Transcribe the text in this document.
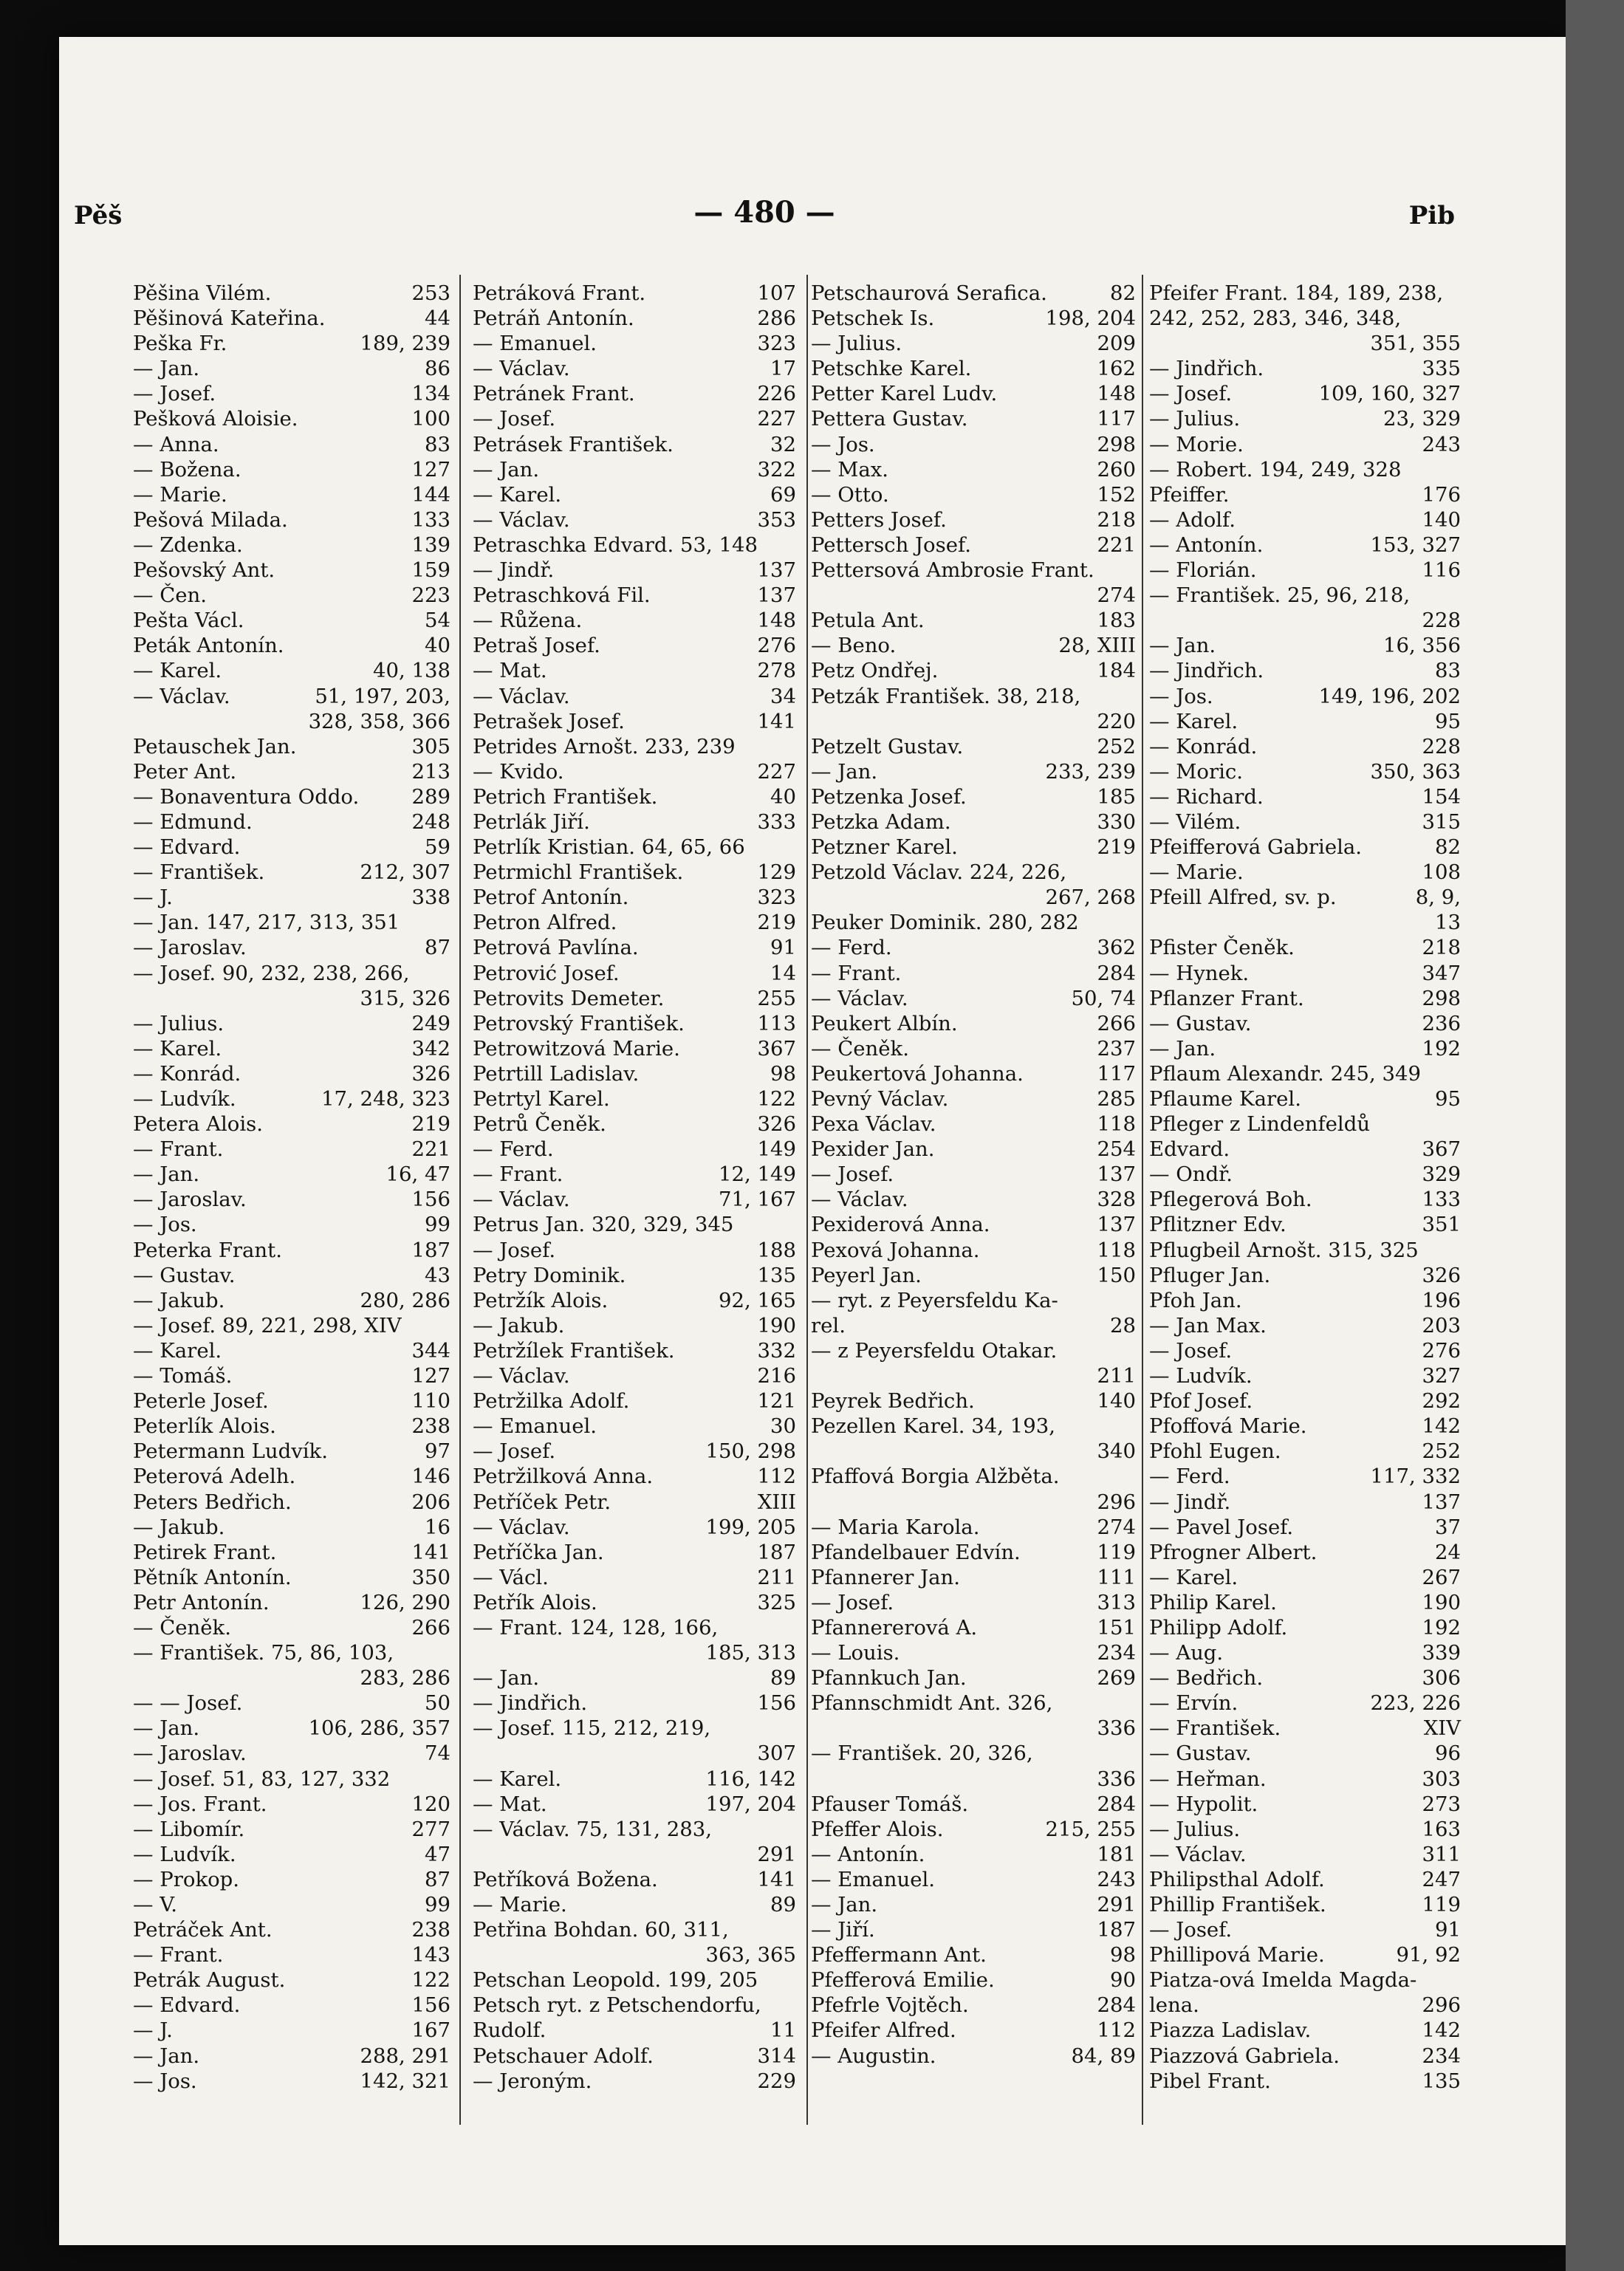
Pěš	— 480 —	Pib
Pěšina Vilém.	253
Pěšinová Kateřina.	44
Peška Fr.	189, 239
— Jan.	86
— Josef.	134
Pešková Aloisie.	100
— Anna.	83
— Božena.	127
— Marie.	144
Pešová Milada.	133
— Zdenka.	139
Pešovský Ant.	159
— Čen.	223
Pešta Václ.	54
Peták Antonín.	40
— Karel.	40, 138
— Václav.	51, 197, 203,
328, 358, 366
Petauschek Jan.	305
Peter Ant.	213
— Bonaventura Oddo.	289
— Edmund.	248
— Edvard.	59
— František.	212, 307
— J.	338
— Jan. 147, 217, 313, 351
— Jaroslav.	87
— Josef. 90, 232, 238, 266,
315, 326
— Julius.	249
— Karel.	342
— Konrád.	326
— Ludvík.	17, 248, 323
Petera Alois.	219
— Frant.	221
— Jan.	16, 47
— Jaroslav.	156
— Jos.	99
Peterka Frant.	187
— Gustav.	43
— Jakub.	280, 286
— Josef. 89, 221, 298, XIV
— Karel.	344
— Tomáš.	127
Peterle Josef.	110
Peterlík Alois.	238
Petermann Ludvík.	97
Peterová Adelh.	146
Peters Bedřich.	206
— Jakub.	16
Petirek Frant.	141
Pětník Antonín.	350
Petr Antonín.	126, 290
— Čeněk.	266
— František. 75, 86, 103,
283, 286
— — Josef.	50
— Jan.	106, 286, 357
— Jaroslav.	74
— Josef. 51, 83, 127, 332
— Jos. Frant.	120
— Libomír.	277
— Ludvík.	47
— Prokop.	87
— V.	99
Petráček Ant.	238
— Frant.	143
Petrák August.	122
— Edvard.	156
— J.	167
— Jan.	288, 291
— Jos.	142, 321
Petráková Frant.	107
Petráň Antonín.	286
— Emanuel.	323
— Václav.	17
Petránek Frant.	226
— Josef.	227
Petrásek František.	32
— Jan.	322
— Karel.	69
— Václav.	353
Petraschka Edvard. 53, 148
— Jindř.	137
Petraschková Fil.	137
— Růžena.	148
Petraš Josef.	276
— Mat.	278
— Václav.	34
Petrašek Josef.	141
Petrides Arnošt. 233, 239
— Kvido.	227
Petrich František.	40
Petrlák Jiří.	333
Petrlík Kristian. 64, 65, 66
Petrmichl František.	129
Petrof Antonín.	323
Petron Alfred.	219
Petrová Pavlína.	91
Petrović Josef.	14
Petrovits Demeter.	255
Petrovský František.	113
Petrowitzová Marie.	367
Petrtill Ladislav.	98
Petrtyl Karel.	122
Petrů Čeněk.	326
— Ferd.	149
— Frant.	12, 149
— Václav.	71, 167
Petrus Jan. 320, 329, 345
— Josef.	188
Petry Dominik.	135
Petržík Alois.	92, 165
— Jakub.	190
Petržílek František.	332
— Václav.	216
Petržilka Adolf.	121
— Emanuel.	30
— Josef.	150, 298
Petržilková Anna.	112
Petříček Petr.	XIII
— Václav.	199, 205
Petříčka Jan.	187
— Václ.	211
Petřík Alois.	325
— Frant. 124, 128, 166,
185, 313
— Jan.	89
— Jindřich.	156
— Josef. 115, 212, 219,
307
— Karel.	116, 142
— Mat.	197, 204
— Václav. 75, 131, 283,
291
Petříková Božena.	141
— Marie.	89
Petřina Bohdan. 60, 311,
363, 365
Petschan Leopold. 199, 205
Petsch ryt. z Petschendorfu,
Rudolf.	11
Petschauer Adolf.	314
— Jeroným.	229
Petschaurová Serafica.	82
Petschek Is.	198, 204
— Julius.	209
Petschke Karel.	162
Petter Karel Ludv.	148
Pettera Gustav.	117
— Jos.	298
— Max.	260
— Otto.	152
Petters Josef.	218
Pettersch Josef.	221
Pettersová Ambrosie Frant.
274
Petula Ant.	183
— Beno.	28, XIII
Petz Ondřej.	184
Petzák František. 38, 218,
220
Petzelt Gustav.	252
— Jan.	233, 239
Petzenka Josef.	185
Petzka Adam.	330
Petzner Karel.	219
Petzold Václav. 224, 226,
267, 268
Peuker Dominik. 280, 282
— Ferd.	362
— Frant.	284
— Václav.	50, 74
Peukert Albín.	266
— Čeněk.	237
Peukertová Johanna.	117
Pevný Václav.	285
Pexa Václav.	118
Pexider Jan.	254
— Josef.	137
— Václav.	328
Pexiderová Anna.	137
Pexová Johanna.	118
Peyerl Jan.	150
— ryt. z Peyersfeldu Ka-
rel.	28
— z Peyersfeldu Otakar.
211
Peyrek Bedřich.	140
Pezellen Karel. 34, 193,
340
Pfaffová Borgia Alžběta.
296
— Maria Karola.	274
Pfandelbauer Edvín.	119
Pfannerer Jan.	111
— Josef.	313
Pfannererová A.	151
— Louis.	234
Pfannkuch Jan.	269
Pfannschmidt Ant. 326,
336
— František. 20, 326,
336
Pfauser Tomáš.	284
Pfeffer Alois.	215, 255
— Antonín.	181
— Emanuel.	243
— Jan.	291
— Jiří.	187
Pfeffermann Ant.	98
Pfefferová Emilie.	90
Pfefrle Vojtěch.	284
Pfeifer Alfred.	112
— Augustin.	84, 89
Pfeifer Frant. 184, 189, 238,
242, 252, 283, 346, 348,
351, 355
— Jindřich.	335
— Josef.	109, 160, 327
— Julius.	23, 329
— Morie.	243
— Robert. 194, 249, 328
Pfeiffer.	176
— Adolf.	140
— Antonín.	153, 327
— Florián.	116
— František. 25, 96, 218,
228
— Jan.	16, 356
— Jindřich.	83
— Jos.	149, 196, 202
— Karel.	95
— Konrád.	228
— Moric.	350, 363
— Richard.	154
— Vilém.	315
Pfeifferová Gabriela.	82
— Marie.	108
Pfeill Alfred, sv. p.	8, 9,
13
Pfister Čeněk.	218
— Hynek.	347
Pflanzer Frant.	298
— Gustav.	236
— Jan.	192
Pflaum Alexandr. 245, 349
Pflaume Karel.	95
Pfleger z Lindenfeldů
Edvard.	367
— Ondř.	329
Pflegerová Boh.	133
Pflitzner Edv.	351
Pflugbeil Arnošt. 315, 325
Pfluger Jan.	326
Pfoh Jan.	196
— Jan Max.	203
— Josef.	276
— Ludvík.	327
Pfof Josef.	292
Pfoffová Marie.	142
Pfohl Eugen.	252
— Ferd.	117, 332
— Jindř.	137
— Pavel Josef.	37
Pfrogner Albert.	24
— Karel.	267
Philip Karel.	190
Philipp Adolf.	192
— Aug.	339
— Bedřich.	306
— Ervín.	223, 226
— František.	XIV
— Gustav.	96
— Heřman.	303
— Hypolit.	273
— Julius.	163
— Václav.	311
Philipsthal Adolf.	247
Phillip František.	119
— Josef.	91
Phillipová Marie.	91, 92
Piatza-ová Imelda Magda-
lena.	296
Piazza Ladislav.	142
Piazzová Gabriela.	234
Pibel Frant.	135
